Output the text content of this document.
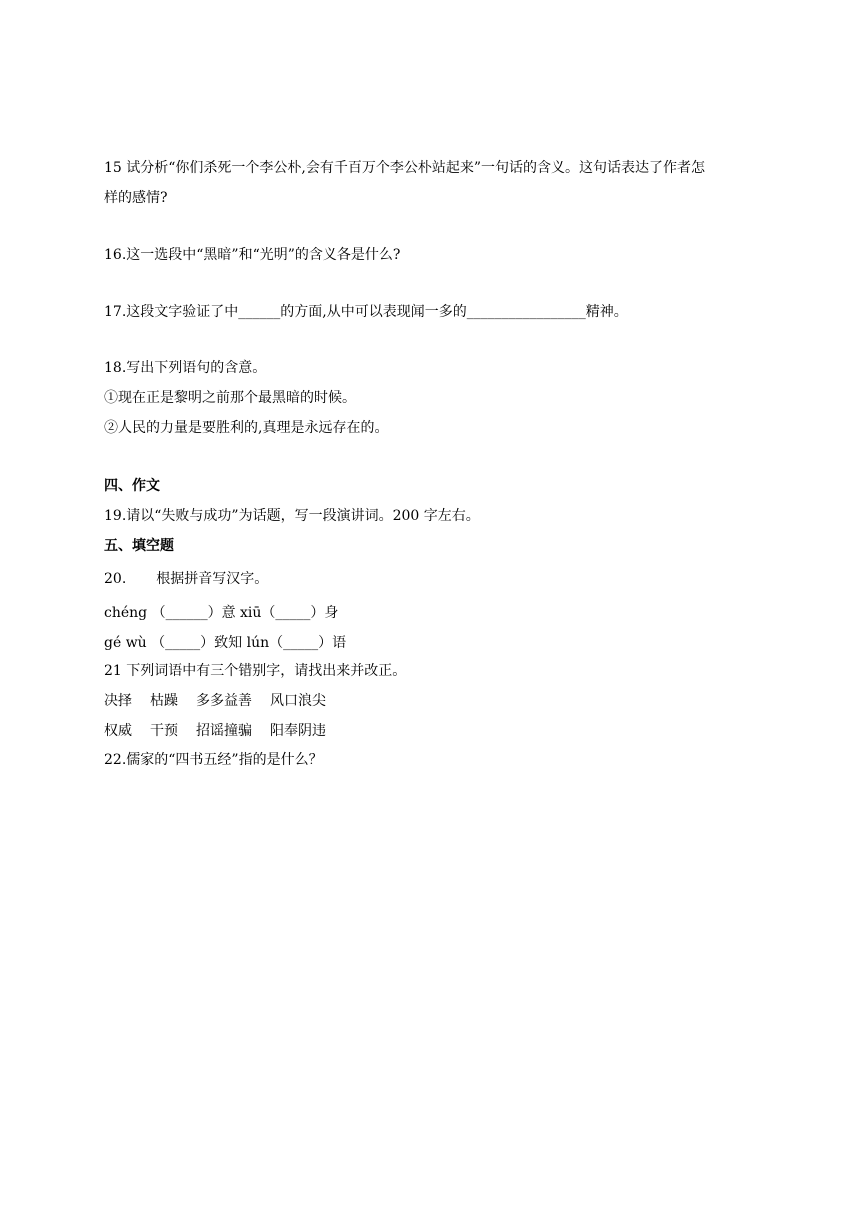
15 试分析“你们杀死一个李公朴,会有千百万个李公朴站起来”一句话的含义。这句话表达了作者怎
样的感情?
16.这一选段中“黑暗”和“光明”的含义各是什么?
17.这段文字验证了中______的方面,从中可以表现闻一多的_________________精神。
18.写出下列语句的含意。
①现在正是黎明之前那个最黑暗的时候。
②人民的力量是要胜利的,真理是永远存在的。
四、作文
19.请以“失败与成功”为话题，写一段演讲词。200 字左右。
五、填空题
20. 根据拼音写汉字。
chéng （______）意 xiū（_____）身
gé wù （_____）致知 lún（_____）语
21 下列词语中有三个错别字，请找出来并改正。
决择 枯躁 多多益善 风口浪尖
权威 干预 招谣撞骗 阳奉阴违
22.儒家的“四书五经”指的是什么？
